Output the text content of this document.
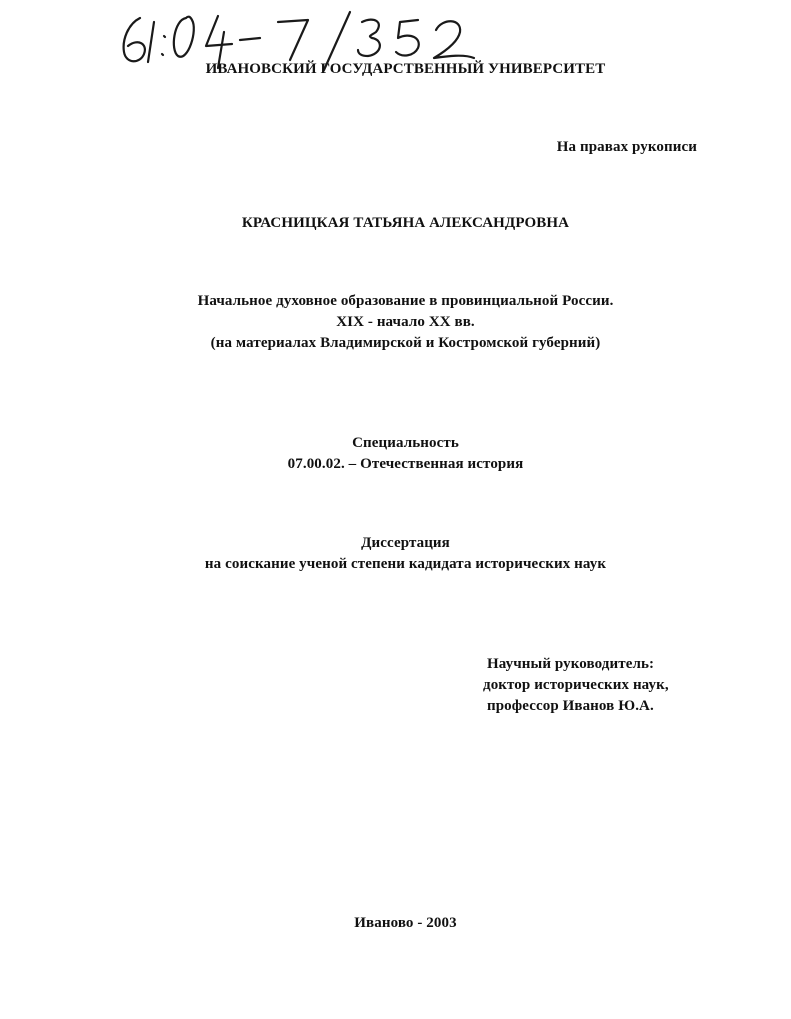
ИВАНОВСКИЙ ГОСУДАРСТВЕННЫЙ УНИВЕРСИТЕТ
На правах рукописи
КРАСНИЦКАЯ ТАТЬЯНА АЛЕКСАНДРОВНА
Начальное духовное образование в провинциальной России.
XIX - начало XX вв.
(на материалах Владимирской и Костромской губерний)
Специальность
07.00.02. – Отечественная история
Диссертация
на соискание ученой степени кадидата исторических наук
Научный руководитель:
доктор исторических наук,
профессор Иванов Ю.А.
Иваново - 2003
